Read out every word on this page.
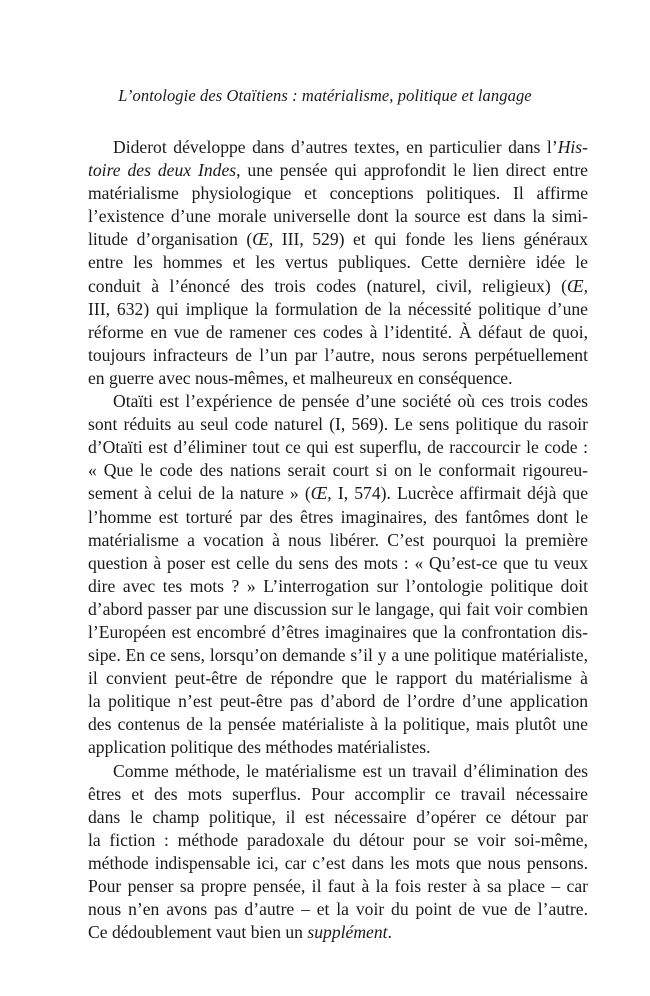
L’ontologie des Otaïtiens : matérialisme, politique et langage
Diderot développe dans d’autres textes, en particulier dans l’His-
toire des deux Indes, une pensée qui approfondit le lien direct entre
matérialisme physiologique et conceptions politiques. Il affirme
l’existence d’une morale universelle dont la source est dans la simi-
litude d’organisation (Œ, III, 529) et qui fonde les liens généraux
entre les hommes et les vertus publiques. Cette dernière idée le
conduit à l’énoncé des trois codes (naturel, civil, religieux) (Œ,
III, 632) qui implique la formulation de la nécessité politique d’une
réforme en vue de ramener ces codes à l’identité. À défaut de quoi,
toujours infracteurs de l’un par l’autre, nous serons perpétuellement
en guerre avec nous-mêmes, et malheureux en conséquence.
Otaïti est l’expérience de pensée d’une société où ces trois codes
sont réduits au seul code naturel (I, 569). Le sens politique du rasoir
d’Otaïti est d’éliminer tout ce qui est superflu, de raccourcir le code :
« Que le code des nations serait court si on le conformait rigoureu-
sement à celui de la nature » (Œ, I, 574). Lucrèce affirmait déjà que
l’homme est torturé par des êtres imaginaires, des fantômes dont le
matérialisme a vocation à nous libérer. C’est pourquoi la première
question à poser est celle du sens des mots : « Qu’est-ce que tu veux
dire avec tes mots ? » L’interrogation sur l’ontologie politique doit
d’abord passer par une discussion sur le langage, qui fait voir combien
l’Européen est encombré d’êtres imaginaires que la confrontation dis-
sipe. En ce sens, lorsqu’on demande s’il y a une politique matérialiste,
il convient peut-être de répondre que le rapport du matérialisme à
la politique n’est peut-être pas d’abord de l’ordre d’une application
des contenus de la pensée matérialiste à la politique, mais plutôt une
application politique des méthodes matérialistes.
Comme méthode, le matérialisme est un travail d’élimination des
êtres et des mots superflus. Pour accomplir ce travail nécessaire
dans le champ politique, il est nécessaire d’opérer ce détour par
la fiction : méthode paradoxale du détour pour se voir soi-même,
méthode indispensable ici, car c’est dans les mots que nous pensons.
Pour penser sa propre pensée, il faut à la fois rester à sa place – car
nous n’en avons pas d’autre – et la voir du point de vue de l’autre.
Ce dédoublement vaut bien un supplément.
